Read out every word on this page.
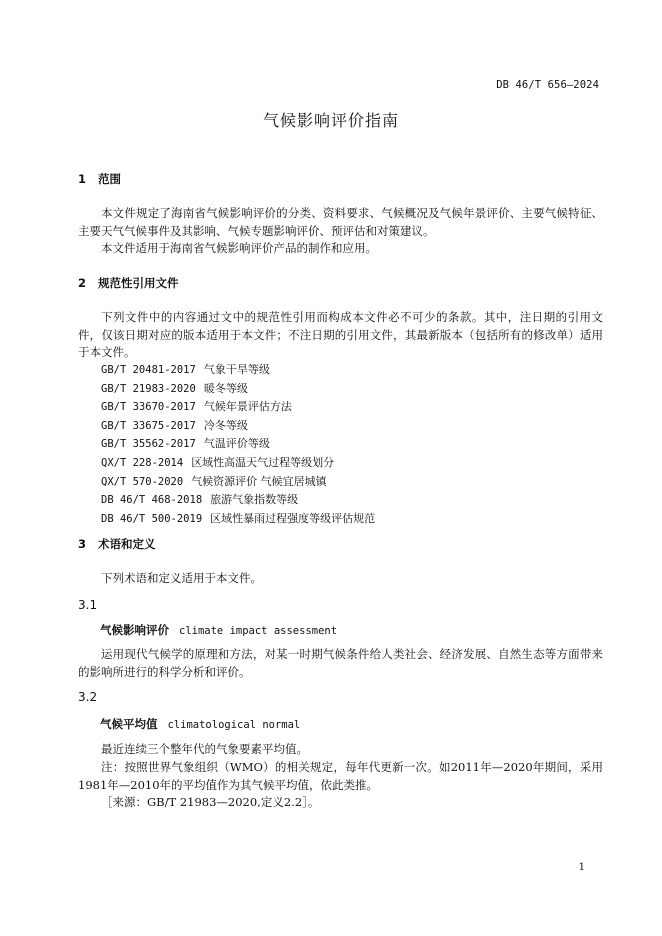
DB 46/T 656—2024
气候影响评价指南
1 范围
本文件规定了海南省气候影响评价的分类、资料要求、气候概况及气候年景评价、主要气候特征、主要天气气候事件及其影响、气候专题影响评价、预评估和对策建议。
本文件适用于海南省气候影响评价产品的制作和应用。
2 规范性引用文件
下列文件中的内容通过文中的规范性引用而构成本文件必不可少的条款。其中，注日期的引用文件，仅该日期对应的版本适用于本文件；不注日期的引用文件，其最新版本（包括所有的修改单）适用于本文件。
GB/T 20481-2017 气象干旱等级
GB/T 21983-2020 暖冬等级
GB/T 33670-2017 气候年景评估方法
GB/T 33675-2017 冷冬等级
GB/T 35562-2017 气温评价等级
QX/T 228-2014 区域性高温天气过程等级划分
QX/T 570-2020 气候资源评价 气候宜居城镇
DB 46/T 468-2018 旅游气象指数等级
DB 46/T 500-2019 区域性暴雨过程强度等级评估规范
3 术语和定义
下列术语和定义适用于本文件。
3.1
气候影响评价 climate impact assessment
运用现代气候学的原理和方法，对某一时期气候条件给人类社会、经济发展、自然生态等方面带来的影响所进行的科学分析和评价。
3.2
气候平均值 climatological normal
最近连续三个整年代的气象要素平均值。
注：按照世界气象组织（WMO）的相关规定，每年代更新一次。如2011年—2020年期间，采用1981年—2010年的平均值作为其气候平均值，依此类推。
［来源：GB/T 21983—2020,定义2.2］。
1
